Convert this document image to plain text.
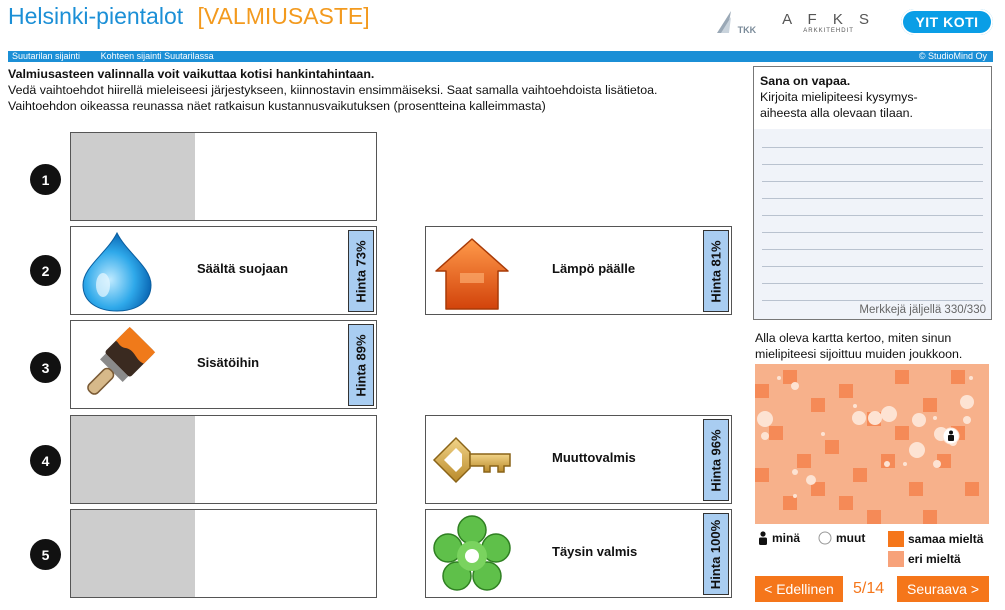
Helsinki-pientalot [VALMIUSASTE]
TKK
A F K S
ARKKITEHDIT
YIT KOTI
Suutarilan sijainti Kohteen sijainti Suutarilassa	© StudioMind Oy
Valmiusasteen valinnalla voit vaikuttaa kotisi hankintahintaan.
Vedä vaihtoehdot hiirellä mieleiseesi järjestykseen, kiinnostavin ensimmäiseksi. Saat samalla vaihtoehdoista lisätietoa.
Vaihtoehdon oikeassa reunassa näet ratkaisun kustannusvaikutuksen (prosentteina kalleimmasta)
1
2
3
4
5
Säältä suojaan	Hinta 73%
Sisätöihin	Hinta 89%
Lämpö päälle	Hinta 81%
Muuttovalmis	Hinta 96%
Täysin valmis	Hinta 100%
Sana on vapaa.
Kirjoita mielipiteesi kysymys-
aiheesta alla olevaan tilaan.
Merkkejä jäljellä 330/330
Alla oleva kartta kertoo, miten sinun
mielipiteesi sijoittuu muiden joukkoon.
minä	muut	samaa mieltä
eri mieltä
< Edellinen	5/14	Seuraava >
